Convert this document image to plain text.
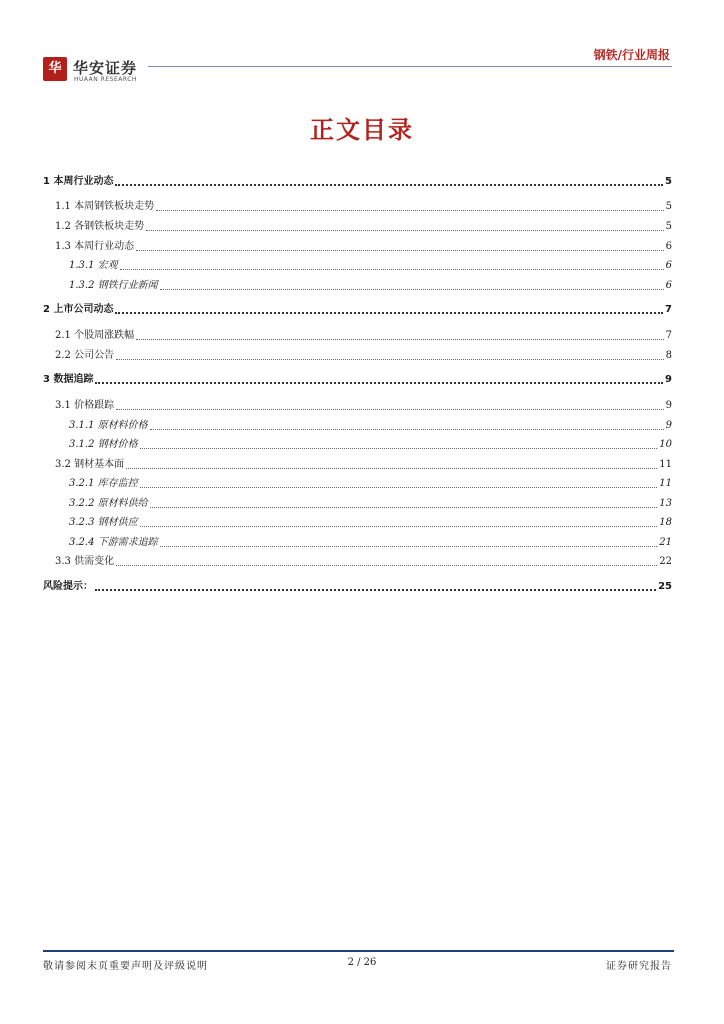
华 华安证券
HUAAN RESEARCH
钢铁/行业周报
正文目录
1 本周行业动态	5
1.1 本周钢铁板块走势	5
1.2 各钢铁板块走势	5
1.3 本周行业动态	6
1.3.1 宏观	6
1.3.2 钢铁行业新闻	6
2 上市公司动态	7
2.1 个股周涨跌幅	7
2.2 公司公告	8
3 数据追踪	9
3.1 价格跟踪	9
3.1.1 原材料价格	9
3.1.2 钢材价格	10
3.2 钢材基本面	11
3.2.1 库存监控	11
3.2.2 原材料供给	13
3.2.3 钢材供应	18
3.2.4 下游需求追踪	21
3.3 供需变化	22
风险提示：	25
敬请参阅末页重要声明及评级说明	2 / 26	证券研究报告
